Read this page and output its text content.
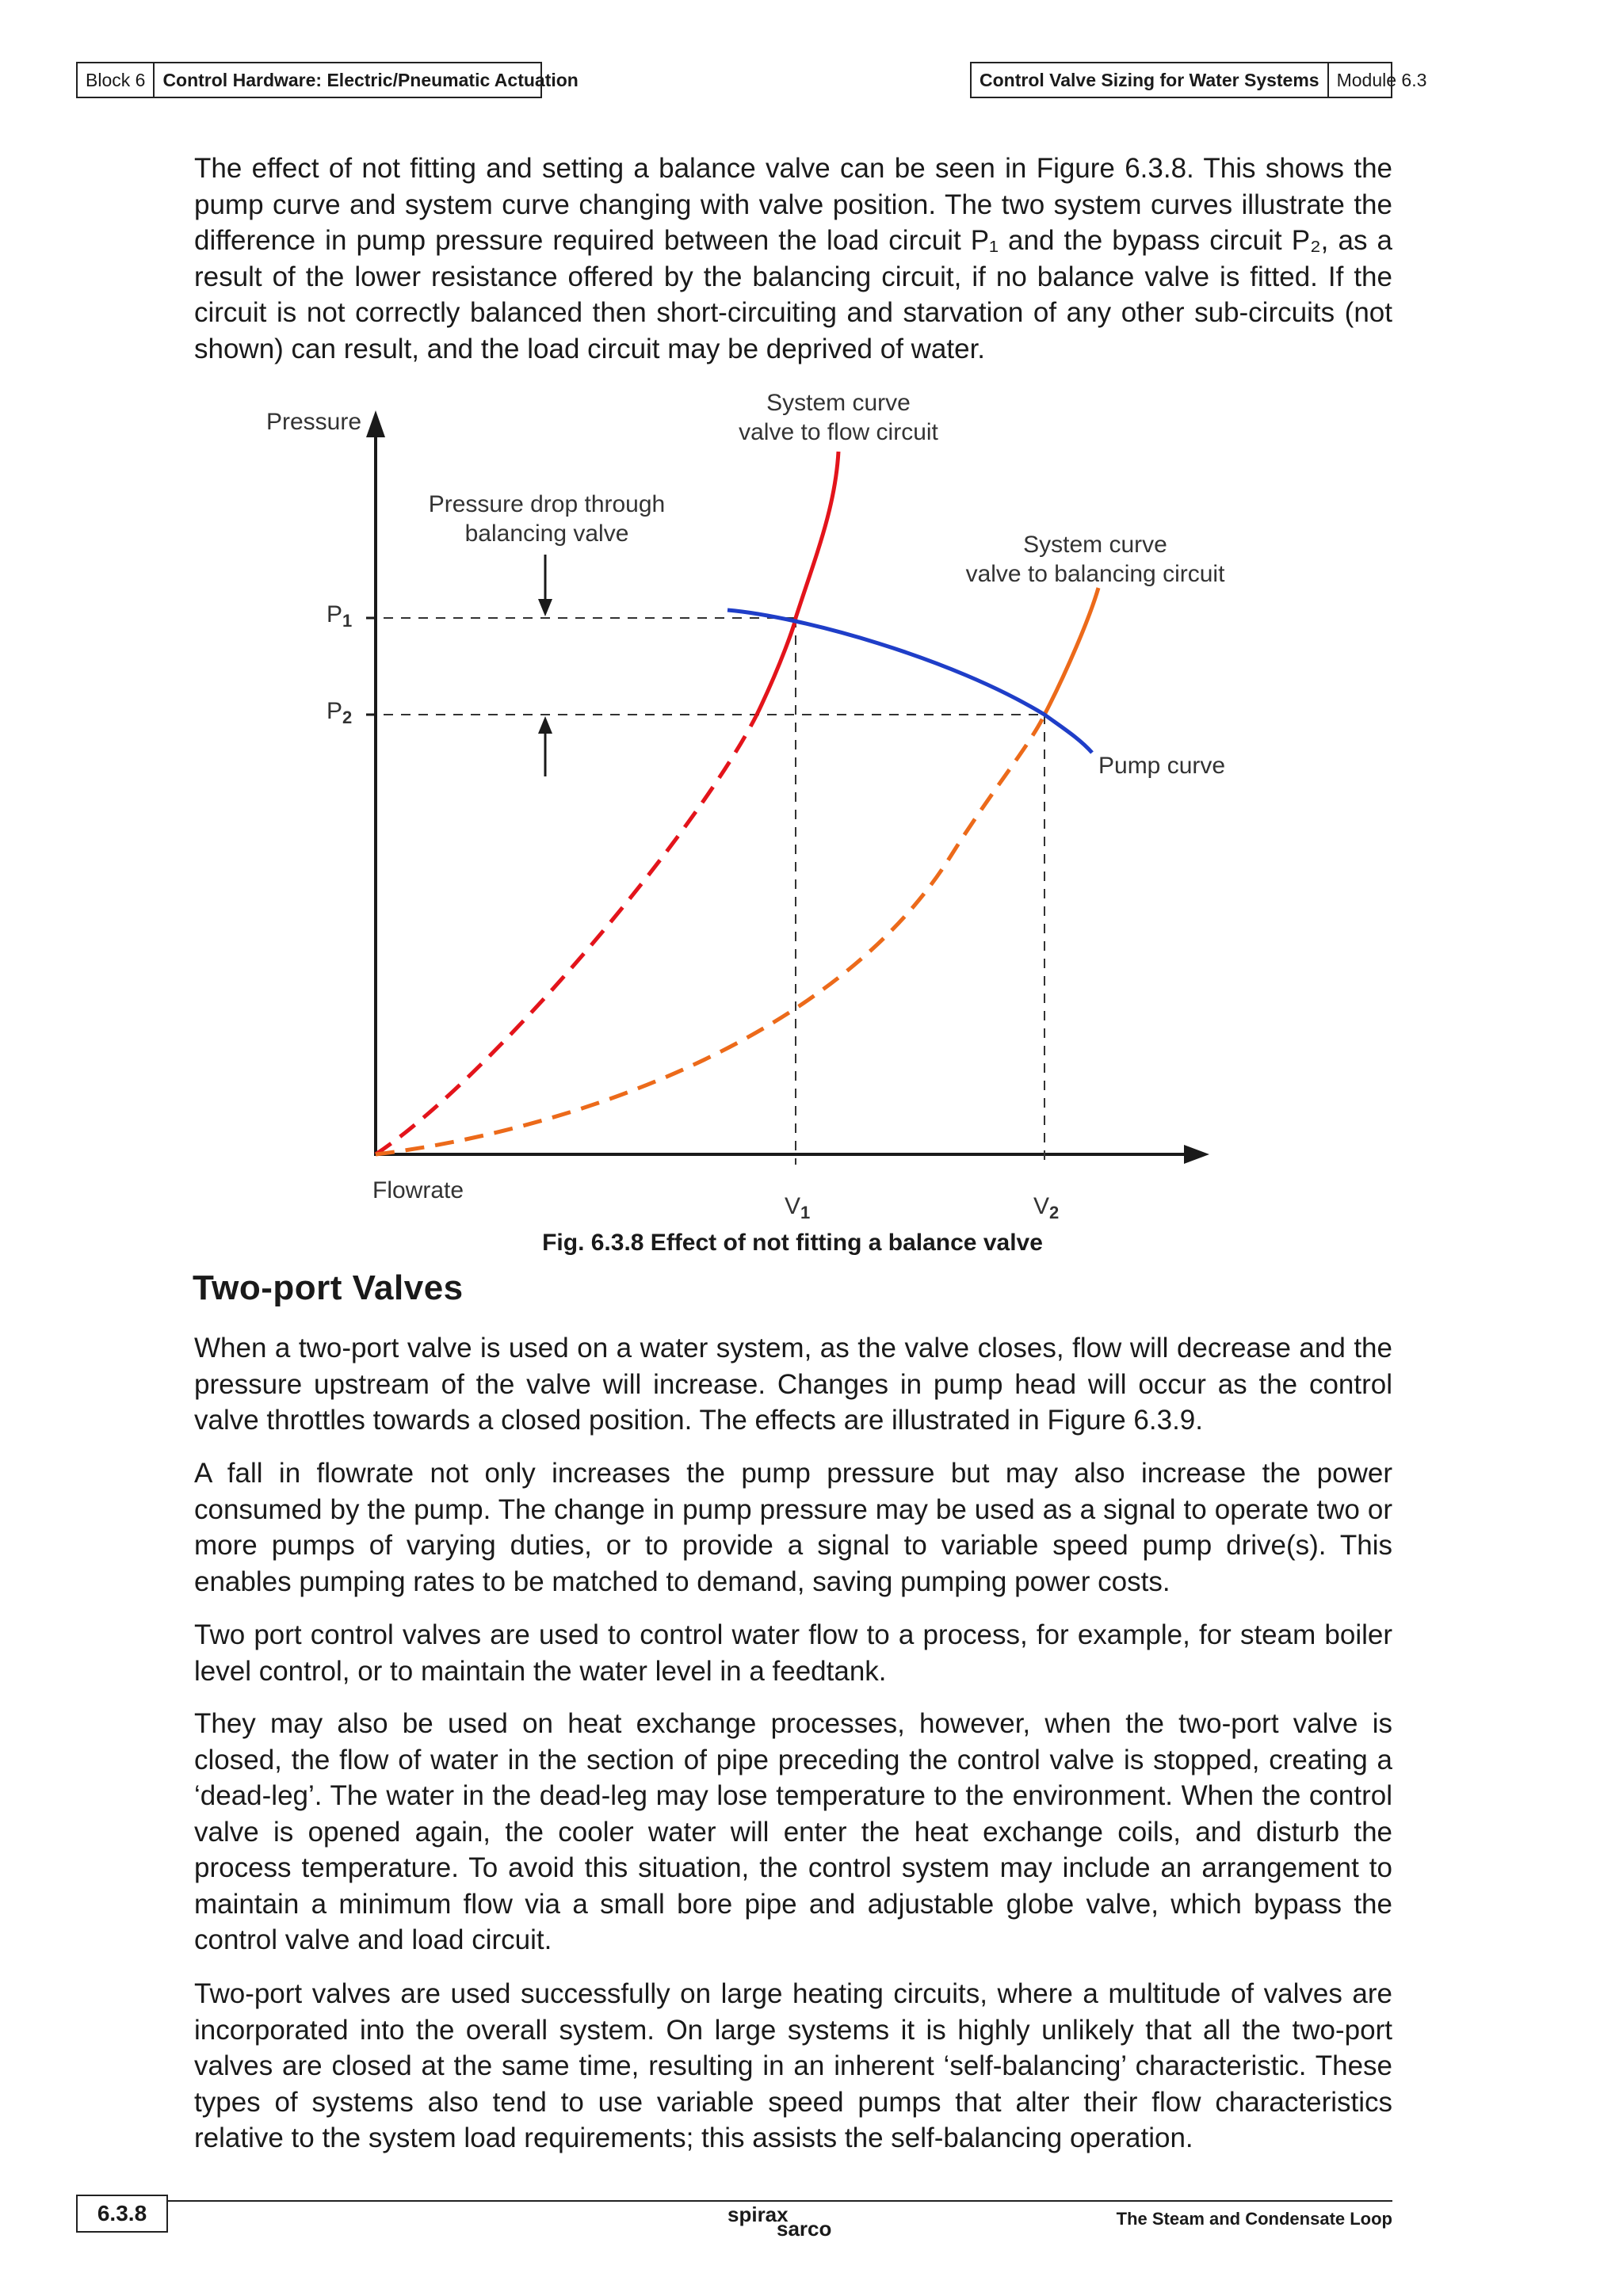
Block 6 Control Hardware: Electric/Pneumatic Actuation	Control Valve Sizing for Water Systems Module 6.3

The effect of not fitting and setting a balance valve can be seen in Figure 6.3.8. This shows the pump curve and system curve changing with valve position. The two system curves illustrate the difference in pump pressure required between the load circuit P₁ and the bypass circuit P₂, as a result of the lower resistance offered by the balancing circuit, if no balance valve is fitted. If the circuit is not correctly balanced then short-circuiting and starvation of any other sub-circuits (not shown) can result, and the load circuit may be deprived of water.

Pressure
Flowrate
System curve
valve to flow circuit
Pressure drop through
balancing valve	System curve
valve to balancing circuit
Pump curve
$P_1$
$P_2$
$V_1$	$V_2$
Fig. 6.3.8 Effect of not fitting a balance valve
Two-port Valves

When a two-port valve is used on a water system, as the valve closes, flow will decrease and the pressure upstream of the valve will increase. Changes in pump head will occur as the control valve throttles towards a closed position. The effects are illustrated in Figure 6.3.9.

A fall in flowrate not only increases the pump pressure but may also increase the power consumed by the pump. The change in pump pressure may be used as a signal to operate two or more pumps of varying duties, or to provide a signal to variable speed pump drive(s). This enables pumping rates to be matched to demand, saving pumping power costs.

Two port control valves are used to control water flow to a process, for example, for steam boiler level control, or to maintain the water level in a feedtank.

They may also be used on heat exchange processes, however, when the two-port valve is closed, the flow of water in the section of pipe preceding the control valve is stopped, creating a ‘dead-leg’. The water in the dead-leg may lose temperature to the environment. When the control valve is opened again, the cooler water will enter the heat exchange coils, and disturb the process temperature. To avoid this situation, the control system may include an arrangement to maintain a minimum flow via a small bore pipe and adjustable globe valve, which bypass the control valve and load circuit.

Two-port valves are used successfully on large heating circuits, where a multitude of valves are incorporated into the overall system. On large systems it is highly unlikely that all the two-port valves are closed at the same time, resulting in an inherent ‘self-balancing’ characteristic. These types of systems also tend to use variable speed pumps that alter their flow characteristics relative to the system load requirements; this assists the self-balancing operation.

6.3.8	spirax
sarco	The Steam and Condensate Loop
